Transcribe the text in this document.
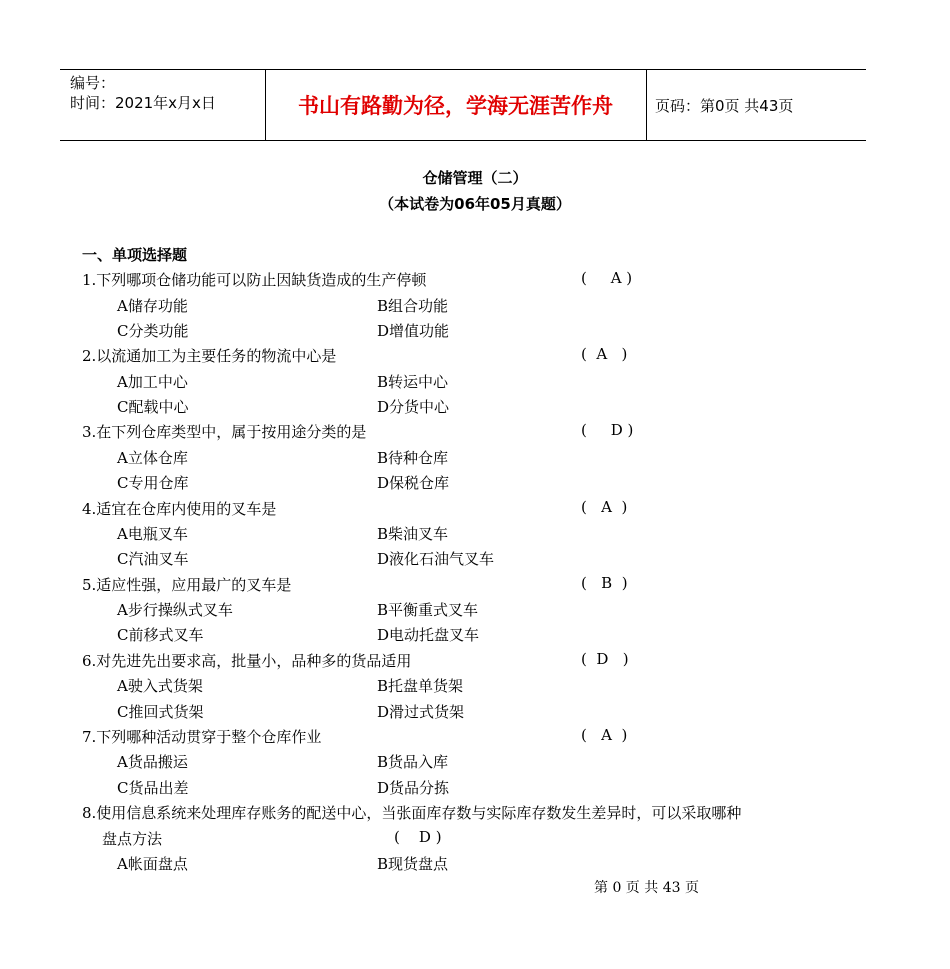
编号：
时间：2021年x月x日	书山有路勤为径，学海无涯苦作舟	页码：第0页 共43页
仓储管理（二）
（本试卷为06年05月真题）
一、单项选择题
1.下列哪项仓储功能可以防止因缺货造成的生产停顿	(     A )
A储存功能	B组合功能
C分类功能	D增值功能
2.以流通加工为主要任务的物流中心是	(  A   )
A加工中心	B转运中心
C配载中心	D分货中心
3.在下列仓库类型中，属于按用途分类的是	(     D )
A立体仓库	B待种仓库
C专用仓库	D保税仓库
4.适宜在仓库内使用的叉车是	(   A  )
A电瓶叉车	B柴油叉车
C汽油叉车	D液化石油气叉车
5.适应性强，应用最广的叉车是	(   B  )
A步行操纵式叉车	B平衡重式叉车
C前移式叉车	D电动托盘叉车
6.对先进先出要求高，批量小，品种多的货品适用	(  D   )
A驶入式货架	B托盘单货架
C推回式货架	D滑过式货架
7.下列哪种活动贯穿于整个仓库作业	(   A  )
A货品搬运	B货品入库
C货品出差	D货品分拣
8.使用信息系统来处理库存账务的配送中心，当张面库存数与实际库存数发生差异时，可以采取哪种
盘点方法	(    D )
A帐面盘点	B现货盘点
第 0 页 共 43 页
